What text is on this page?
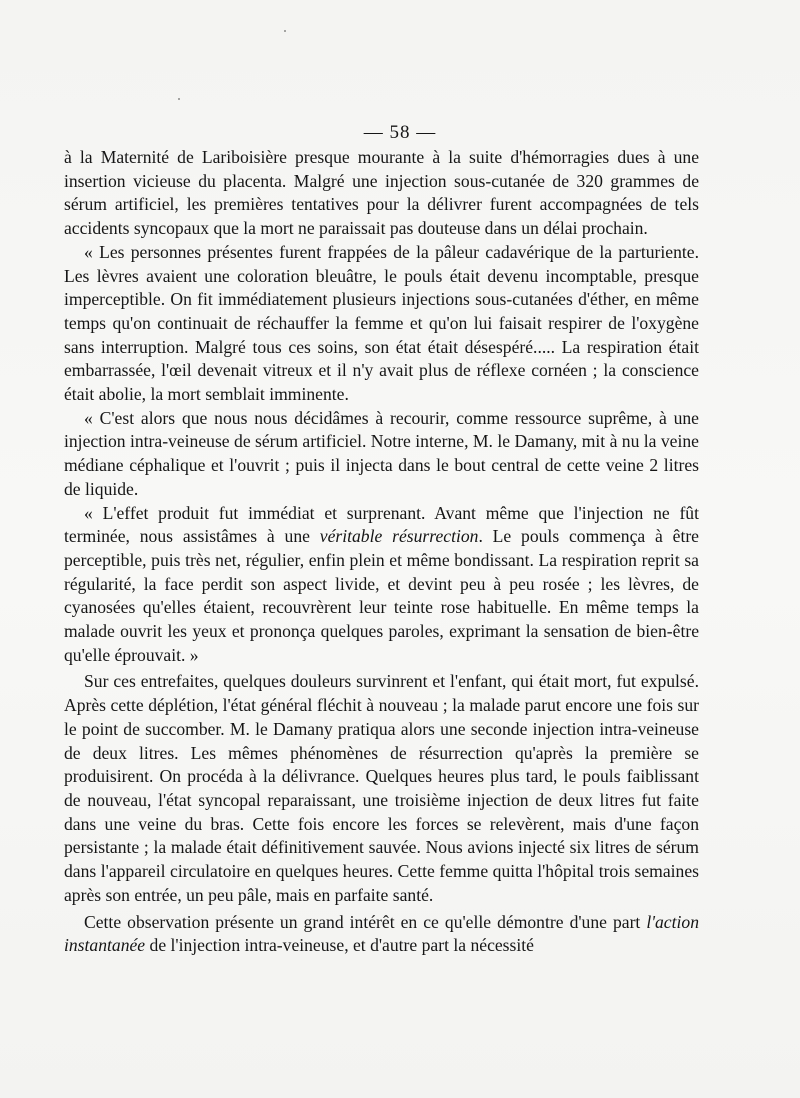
— 58 —

à la Maternité de Lariboisière presque mourante à la suite d'hémorragies dues à une insertion vicieuse du placenta. Malgré une injection sous-cutanée de 320 grammes de sérum artificiel, les premières tentatives pour la délivrer furent accompagnées de tels accidents syncopaux que la mort ne paraissait pas douteuse dans un délai prochain.

« Les personnes présentes furent frappées de la pâleur cadavérique de la parturiente. Les lèvres avaient une coloration bleuâtre, le pouls était devenu incomptable, presque imperceptible. On fit immédiatement plusieurs injections sous-cutanées d'éther, en même temps qu'on continuait de réchauffer la femme et qu'on lui faisait respirer de l'oxygène sans interruption. Malgré tous ces soins, son état était désespéré..... La respiration était embarrassée, l'œil devenait vitreux et il n'y avait plus de réflexe cornéen ; la conscience était abolie, la mort semblait imminente.

« C'est alors que nous nous décidâmes à recourir, comme ressource suprême, à une injection intra-veineuse de sérum artificiel. Notre interne, M. le Damany, mit à nu la veine médiane céphalique et l'ouvrit ; puis il injecta dans le bout central de cette veine 2 litres de liquide.

« L'effet produit fut immédiat et surprenant. Avant même que l'injection ne fût terminée, nous assistâmes à une véritable résurrection. Le pouls commença à être perceptible, puis très net, régulier, enfin plein et même bondissant. La respiration reprit sa régularité, la face perdit son aspect livide, et devint peu à peu rosée ; les lèvres, de cyanosées qu'elles étaient, recouvrèrent leur teinte rose habituelle. En même temps la malade ouvrit les yeux et prononça quelques paroles, exprimant la sensation de bien-être qu'elle éprouvait. »

Sur ces entrefaites, quelques douleurs survinrent et l'enfant, qui était mort, fut expulsé. Après cette déplétion, l'état général fléchit à nouveau ; la malade parut encore une fois sur le point de succomber. M. le Damany pratiqua alors une seconde injection intra-veineuse de deux litres. Les mêmes phénomènes de résurrection qu'après la première se produisirent. On procéda à la délivrance. Quelques heures plus tard, le pouls faiblissant de nouveau, l'état syncopal reparaissant, une troisième injection de deux litres fut faite dans une veine du bras. Cette fois encore les forces se relevèrent, mais d'une façon persistante ; la malade était définitivement sauvée. Nous avions injecté six litres de sérum dans l'appareil circulatoire en quelques heures. Cette femme quitta l'hôpital trois semaines après son entrée, un peu pâle, mais en parfaite santé.

Cette observation présente un grand intérêt en ce qu'elle démontre d'une part l'action instantanée de l'injection intra-veineuse, et d'autre part la nécessité
